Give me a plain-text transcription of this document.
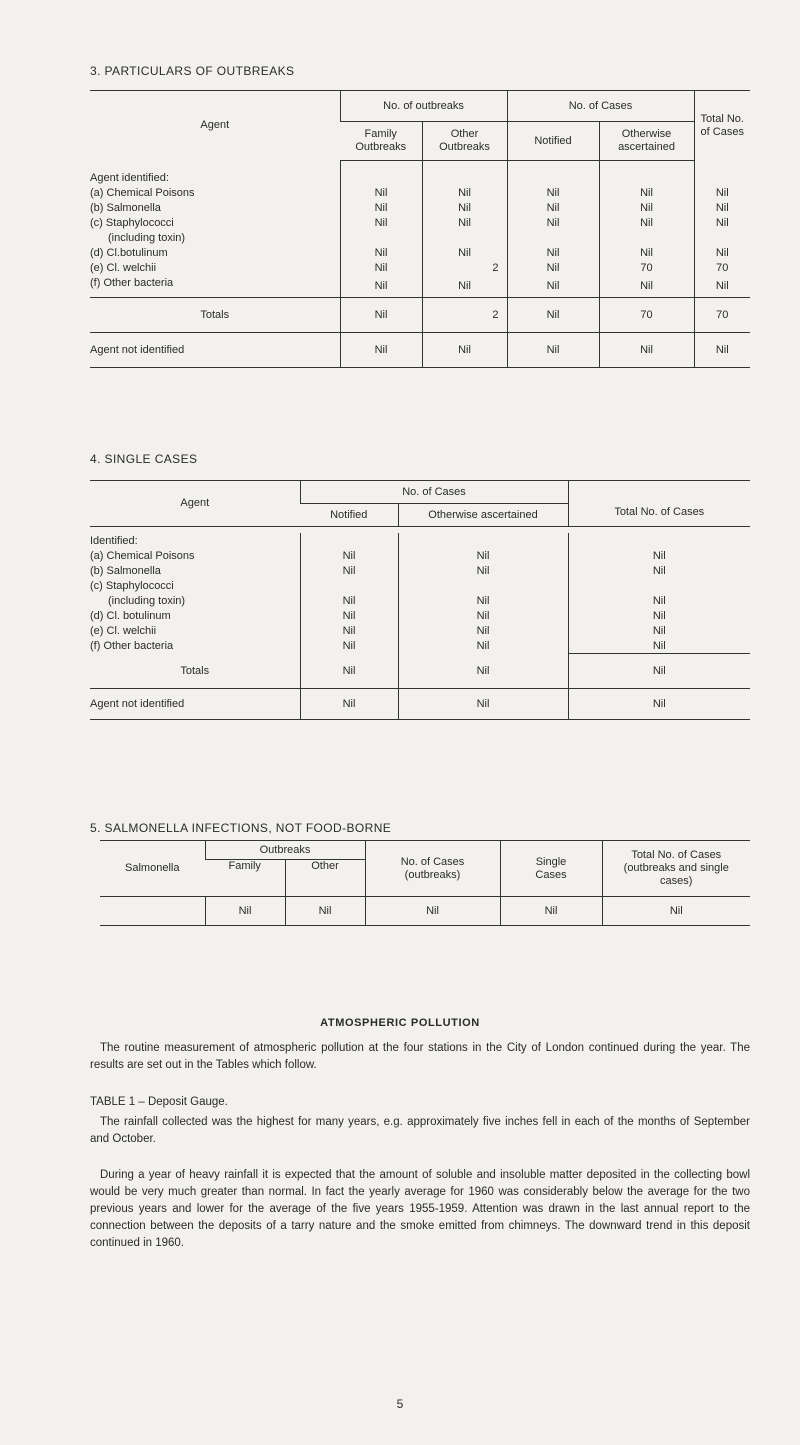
3. PARTICULARS OF OUTBREAKS
Agent	No. of outbreaks		No. of Cases		Total No. of Cases
	Family Outbreaks	Other Outbreaks	Notified	Otherwise ascertained	
Agent identified:					
(a) Chemical Poisons	Nil	Nil	Nil	Nil	Nil
(b) Salmonella	Nil	Nil	Nil	Nil	Nil
(c) Staphylococci	Nil	Nil	Nil	Nil	Nil
(including toxin)					
(d) Cl.botulinum	Nil	Nil	Nil	Nil	Nil
(e) Cl. welchii	Nil	2	Nil	70	70
(f) Other bacteria	Nil	Nil	Nil	Nil	Nil
Totals	Nil	2	Nil	70	70
Agent not identified	Nil	Nil	Nil	Nil	Nil
4. SINGLE CASES
Agent	No. of Cases		Total No. of Cases
	Notified	Otherwise ascertained	

Identified:			
(a) Chemical Poisons	Nil	Nil	Nil
(b) Salmonella	Nil	Nil	Nil
(c) Staphylococci			
(including toxin)	Nil	Nil	Nil
(d) Cl. botulinum	Nil	Nil	Nil
(e) Cl. welchii	Nil	Nil	Nil
(f) Other bacteria	Nil	Nil	Nil
Totals	Nil	Nil	Nil
Agent not identified	Nil	Nil	Nil
5. SALMONELLA INFECTIONS, NOT FOOD-BORNE
Salmonella	Outbreaks		No. of Cases (outbreaks)	Single Cases	Total No. of Cases (outbreaks and single cases)
	Family	Other			
	Nil	Nil	Nil	Nil	Nil
ATMOSPHERIC POLLUTION

The routine measurement of atmospheric pollution at the four stations in the City of London continued during the year. The results are set out in the Tables which follow.

TABLE 1 – Deposit Gauge.

The rainfall collected was the highest for many years, e.g. approximately five inches fell in each of the months of September and October.

During a year of heavy rainfall it is expected that the amount of soluble and insoluble matter deposited in the collecting bowl would be very much greater than normal. In fact the yearly average for 1960 was considerably below the average for the two previous years and lower for the average of the five years 1955-1959. Attention was drawn in the last annual report to the connection between the deposits of a tarry nature and the smoke emitted from chimneys. The downward trend in this deposit continued in 1960.

5
